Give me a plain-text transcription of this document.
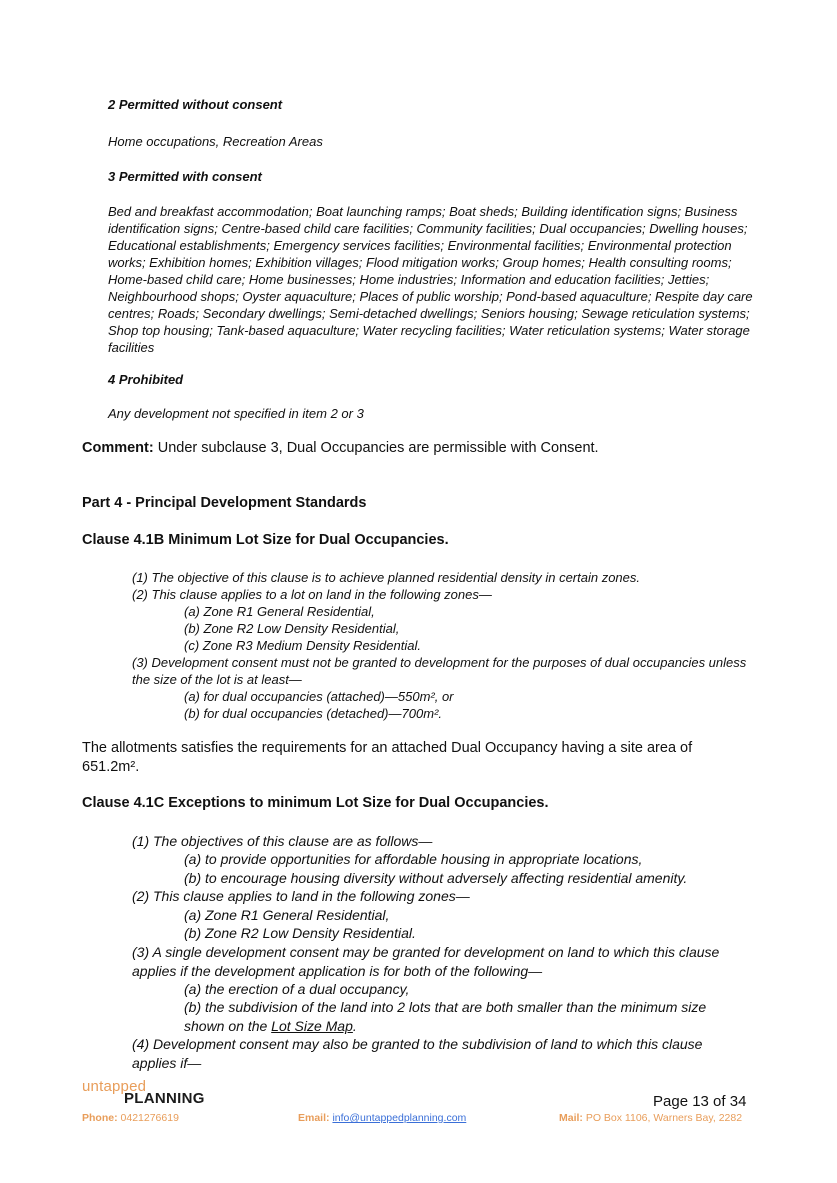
2 Permitted without consent
Home occupations, Recreation Areas
3 Permitted with consent
Bed and breakfast accommodation; Boat launching ramps; Boat sheds; Building identification signs; Business identification signs; Centre-based child care facilities; Community facilities; Dual occupancies; Dwelling houses; Educational establishments; Emergency services facilities; Environmental facilities; Environmental protection works; Exhibition homes; Exhibition villages; Flood mitigation works; Group homes; Health consulting rooms; Home-based child care; Home businesses; Home industries; Information and education facilities; Jetties; Neighbourhood shops; Oyster aquaculture; Places of public worship; Pond-based aquaculture; Respite day care centres; Roads; Secondary dwellings; Semi-detached dwellings; Seniors housing; Sewage reticulation systems; Shop top housing; Tank-based aquaculture; Water recycling facilities; Water reticulation systems; Water storage facilities
4 Prohibited
Any development not specified in item 2 or 3
Comment: Under subclause 3, Dual Occupancies are permissible with Consent.
Part 4 - Principal Development Standards
Clause 4.1B Minimum Lot Size for Dual Occupancies.
(1) The objective of this clause is to achieve planned residential density in certain zones.
(2) This clause applies to a lot on land in the following zones—
(a) Zone R1 General Residential,
(b) Zone R2 Low Density Residential,
(c) Zone R3 Medium Density Residential.
(3) Development consent must not be granted to development for the purposes of dual occupancies unless the size of the lot is at least—
(a) for dual occupancies (attached)—550m², or
(b) for dual occupancies (detached)—700m².
The allotments satisfies the requirements for an attached Dual Occupancy having a site area of 651.2m².
Clause 4.1C Exceptions to minimum Lot Size for Dual Occupancies.
(1) The objectives of this clause are as follows—
(a) to provide opportunities for affordable housing in appropriate locations,
(b) to encourage housing diversity without adversely affecting residential amenity.
(2) This clause applies to land in the following zones—
(a) Zone R1 General Residential,
(b) Zone R2 Low Density Residential.
(3) A single development consent may be granted for development on land to which this clause applies if the development application is for both of the following—
(a) the erection of a dual occupancy,
(b) the subdivision of the land into 2 lots that are both smaller than the minimum size shown on the Lot Size Map.
(4) Development consent may also be granted to the subdivision of land to which this clause applies if—
untapped
PLANNING	Page 13 of 34
Phone: 0421276619	Email: info@untappedplanning.com	Mail: PO Box 1106, Warners Bay, 2282
